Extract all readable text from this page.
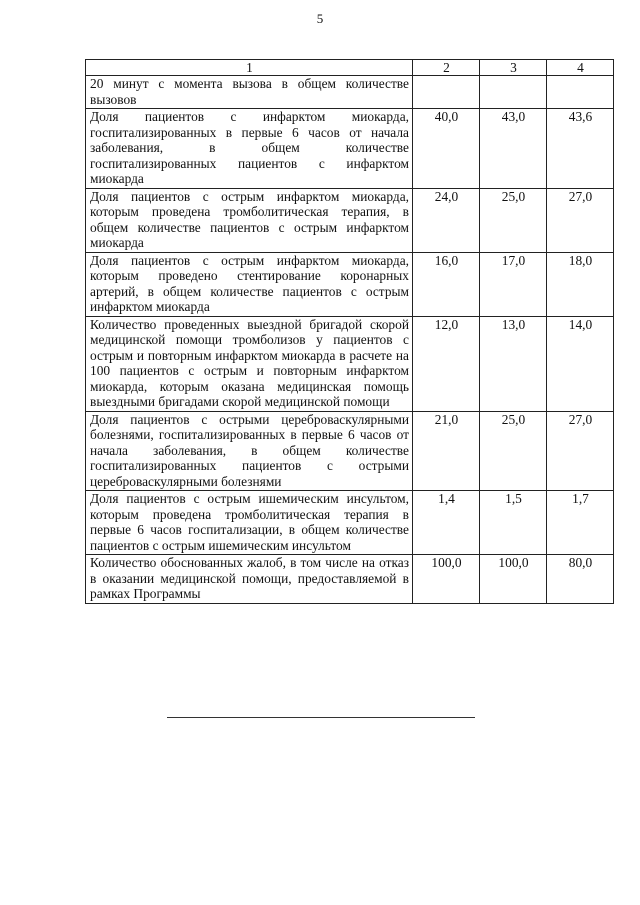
5
1	2	3	4
20 минут с момента вызова в общем количестве вызовов			
Доля пациентов с инфарктом миокарда, госпитализированных в первые 6 часов от начала заболевания, в общем количестве госпитализированных пациентов с инфарктом миокарда	40,0	43,0	43,6
Доля пациентов с острым инфарктом миокарда, которым проведена тромболитическая терапия, в общем количестве пациентов с острым инфарктом миокарда	24,0	25,0	27,0
Доля пациентов с острым инфарктом миокарда, которым проведено стентирование коронарных артерий, в общем количестве пациентов с острым инфарктом миокарда	16,0	17,0	18,0
Количество проведенных выездной бригадой скорой медицинской помощи тромболизов у пациентов с острым и повторным инфарктом миокарда в расчете на 100 пациентов с острым и повторным инфарктом миокарда, которым оказана медицинская помощь выездными бригадами скорой медицинской помощи	12,0	13,0	14,0
Доля пациентов с острыми цереброваскулярными болезнями, госпитализированных в первые 6 часов от начала заболевания, в общем количестве госпитализированных пациентов с острыми цереброваскулярными болезнями	21,0	25,0	27,0
Доля пациентов с острым ишемическим инсультом, которым проведена тромболитическая терапия в первые 6 часов госпитализации, в общем количестве пациентов с острым ишемическим инсультом	1,4	1,5	1,7
Количество обоснованных жалоб, в том числе на отказ в оказании медицинской помощи, предоставляемой в рамках Программы	100,0	100,0	80,0
